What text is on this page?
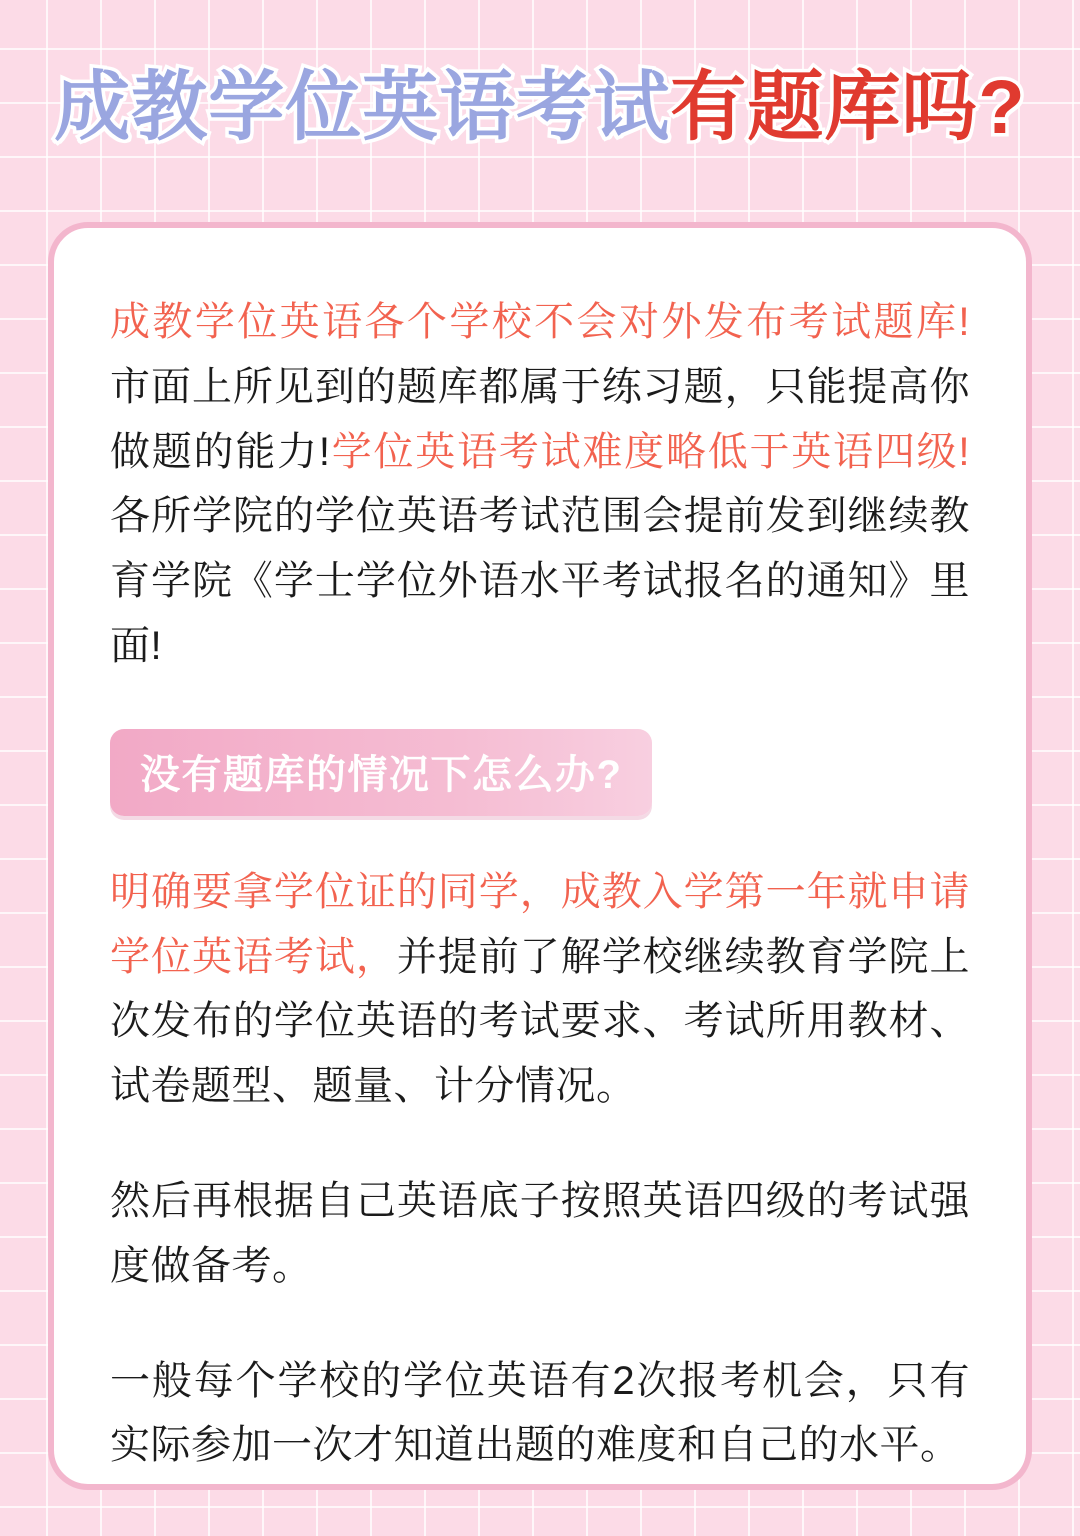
成教学位英语考试有题库吗?

成教学位英语各个学校不会对外发布考试题库!市面上所见到的题库都属于练习题，只能提高你做题的能力!学位英语考试难度略低于英语四级!各所学院的学位英语考试范围会提前发到继续教育学院《学士学位外语水平考试报名的通知》里面!

没有题库的情况下怎么办?

明确要拿学位证的同学，成教入学第一年就申请学位英语考试，并提前了解学校继续教育学院上次发布的学位英语的考试要求、考试所用教材、试卷题型、题量、计分情况。

然后再根据自己英语底子按照英语四级的考试强度做备考。

一般每个学校的学位英语有2次报考机会，只有实际参加一次才知道出题的难度和自己的水平。
